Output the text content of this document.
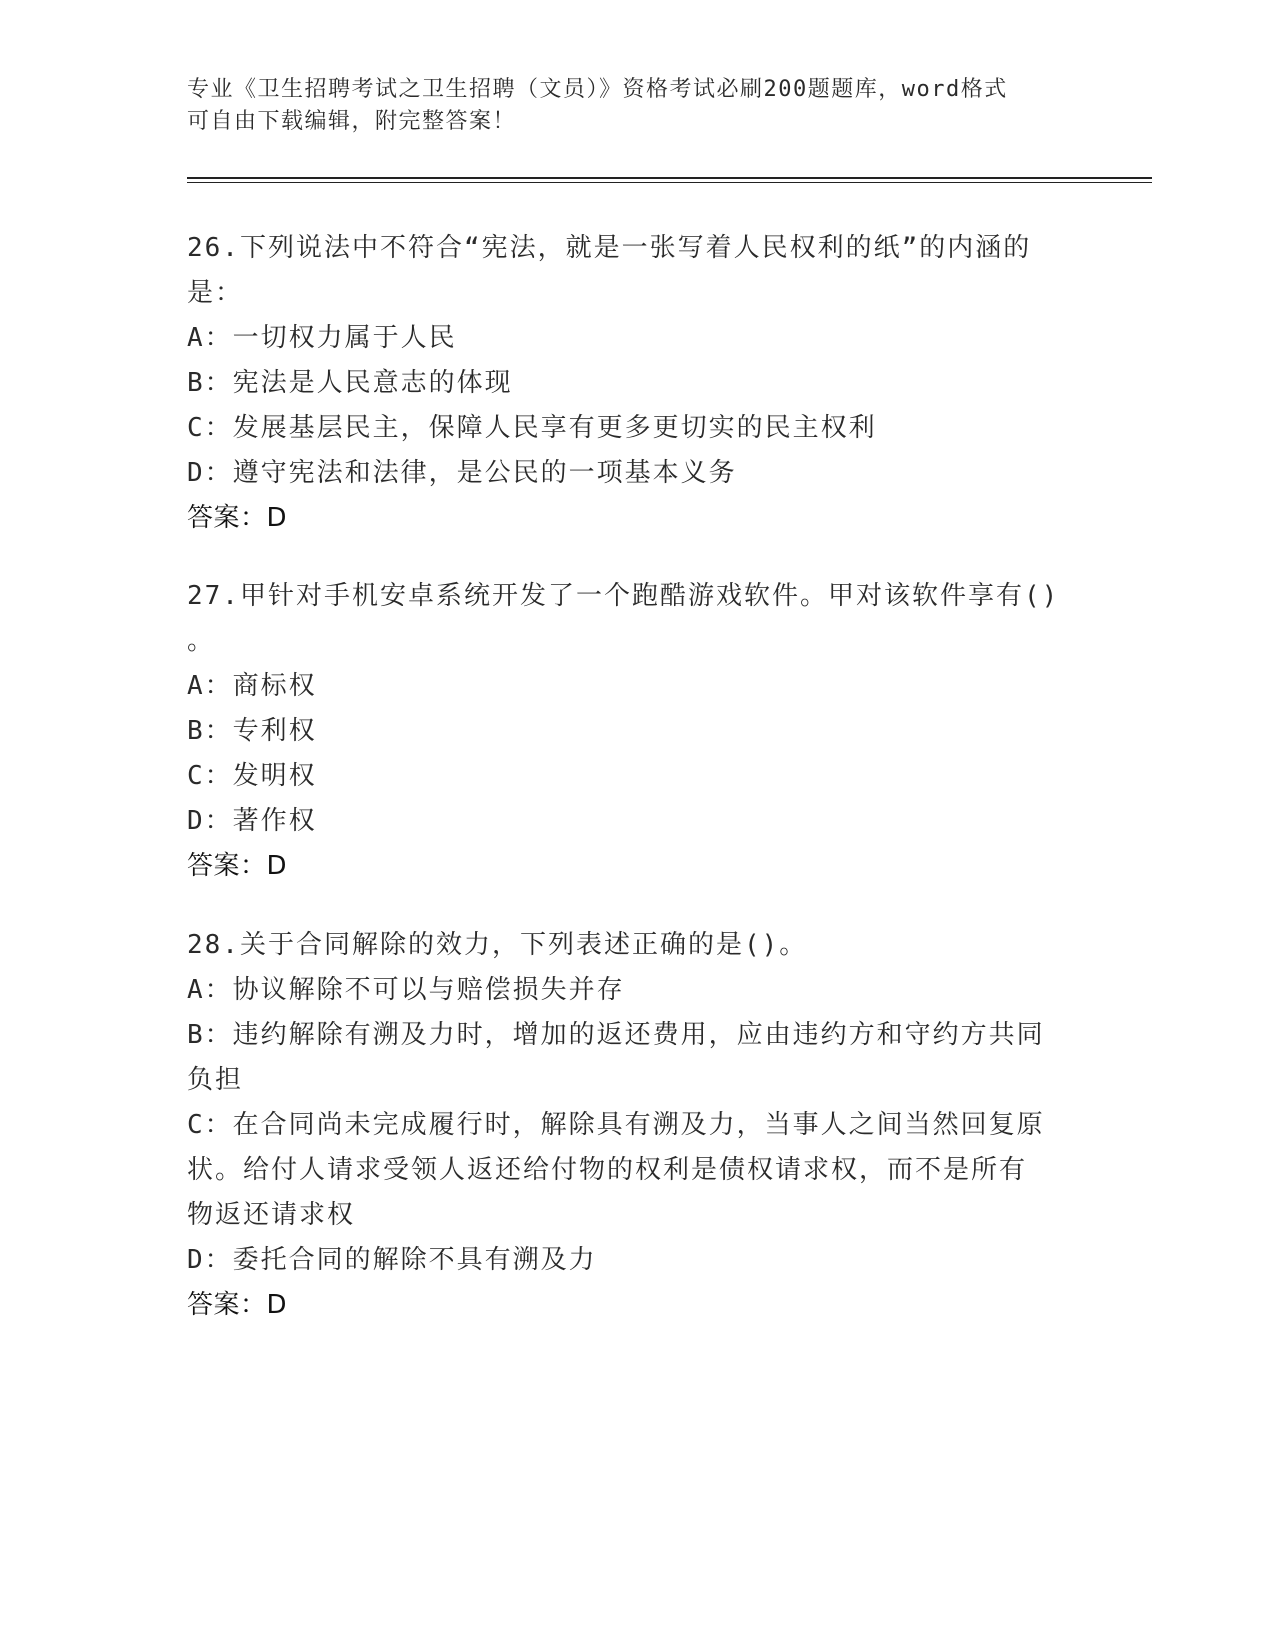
专业《卫生招聘考试之卫生招聘（文员）》资格考试必刷200题题库，word格式
可自由下载编辑，附完整答案！

26.下列说法中不符合“宪法，就是一张写着人民权利的纸”的内涵的

是：

A：一切权力属于人民

B：宪法是人民意志的体现

C：发展基层民主，保障人民享有更多更切实的民主权利

D：遵守宪法和法律，是公民的一项基本义务

答案：D

27.甲针对手机安卓系统开发了一个跑酷游戏软件。甲对该软件享有()

。

A：商标权

B：专利权

C：发明权

D：著作权

答案：D

28.关于合同解除的效力，下列表述正确的是()。

A：协议解除不可以与赔偿损失并存

B：违约解除有溯及力时，增加的返还费用，应由违约方和守约方共同

负担

C：在合同尚未完成履行时，解除具有溯及力，当事人之间当然回复原

状。给付人请求受领人返还给付物的权利是债权请求权，而不是所有

物返还请求权

D：委托合同的解除不具有溯及力

答案：D
